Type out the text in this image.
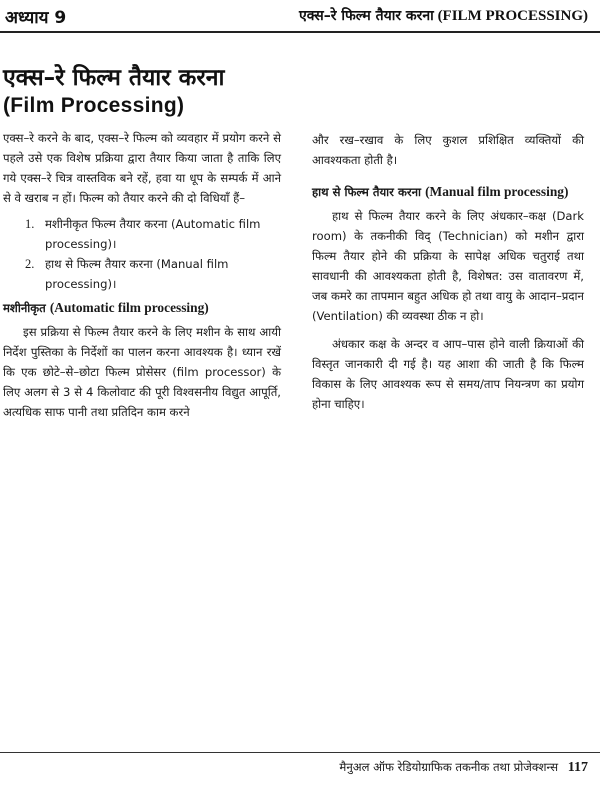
अध्याय 9	एक्स–रे फिल्म तैयार करना (FILM PROCESSING)
एक्स–रे फिल्म तैयार करना
(Film Processing)

एक्स–रे करने के बाद, एक्स–रे फिल्म को व्यवहार में प्रयोग करने से पहले उसे एक विशेष प्रक्रिया द्वारा तैयार किया जाता है ताकि लिए गये एक्स–रे चित्र वास्तविक बने रहें, हवा या धूप के सम्पर्क में आने से वे खराब न हों। फिल्म को तैयार करने की दो विधियाँ हैं–

1. मशीनीकृत फिल्म तैयार करना (Automatic film processing)।
2. हाथ से फिल्म तैयार करना (Manual film processing)।
मशीनीकृत (Automatic film processing)

इस प्रक्रिया से फिल्म तैयार करने के लिए मशीन के साथ आयी निर्देश पुस्तिका के निर्देशों का पालन करना आवश्यक है। ध्यान रखें कि एक छोटे–से–छोटा फिल्म प्रोसेसर (film processor) के लिए अलग से 3 से 4 किलोवाट की पूरी विश्वसनीय विद्युत आपूर्ति, अत्यधिक साफ पानी तथा प्रतिदिन काम करने

और रख–रखाव के लिए कुशल प्रशिक्षित व्यक्तियों की आवश्यकता होती है।

हाथ से फिल्म तैयार करना (Manual film processing)

हाथ से फिल्म तैयार करने के लिए अंधकार–कक्ष (Dark room) के तकनीकी विद् (Technician) को मशीन द्वारा फिल्म तैयार होने की प्रक्रिया के सापेक्ष अधिक चतुराई तथा सावधानी की आवश्यकता होती है, विशेषत: उस वातावरण में, जब कमरे का तापमान बहुत अधिक हो तथा वायु के आदान–प्रदान (Ventilation) की व्यवस्था ठीक न हो।

अंधकार कक्ष के अन्दर व आप–पास होने वाली क्रियाओं की विस्तृत जानकारी दी गई है। यह आशा की जाती है कि फिल्म विकास के लिए आवश्यक रूप से समय/ताप नियन्त्रण का प्रयोग होना चाहिए।

मैनुअल ऑफ रेडियोग्राफिक तकनीक तथा प्रोजेक्शन्स 117
